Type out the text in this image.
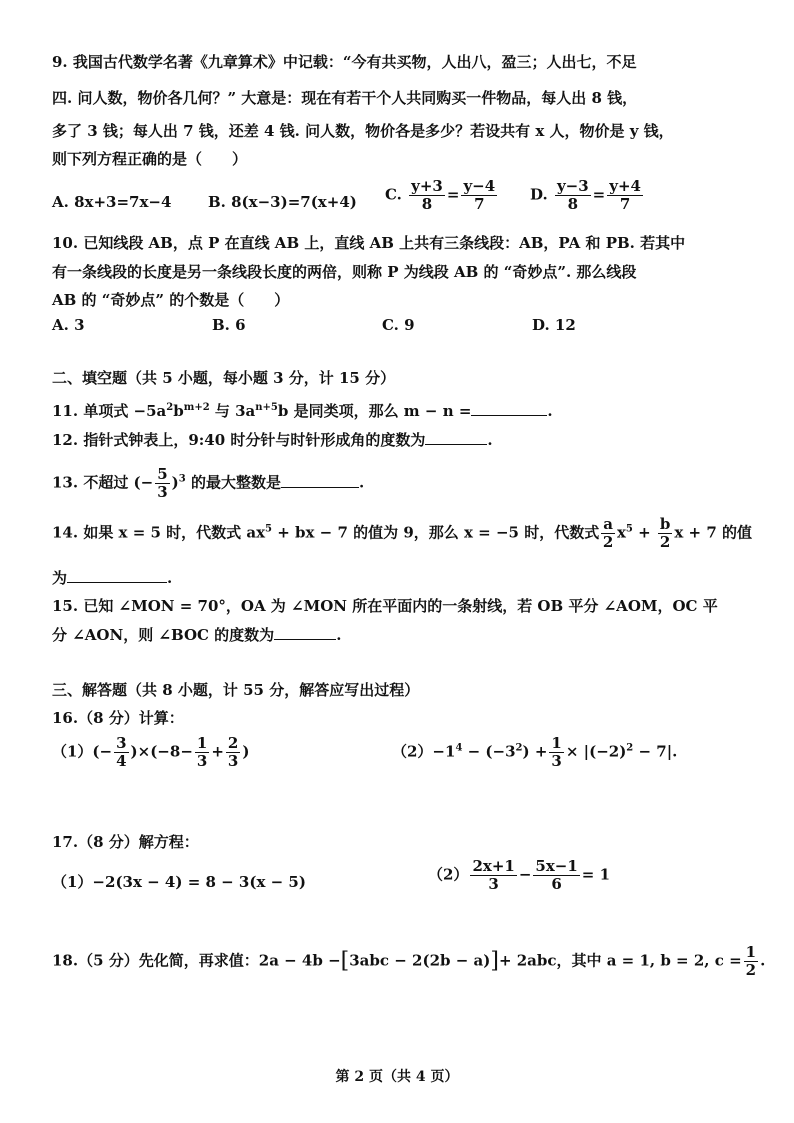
9. 我国古代数学名著《九章算术》中记载：“今有共买物，人出八，盈三；人出七，不足
四. 问人数，物价各几何？” 大意是：现在有若干个人共同购买一件物品，每人出 8 钱，
多了 3 钱；每人出 7 钱，还差 4 钱. 问人数，物价各是多少？若设共有 x 人，物价是 y 钱，
则下列方程正确的是（　　）
A. 8x+3=7x−4 B. 8(x−3)=7(x+4) C. $\frac{y+3}{8} = \frac{y-4}{7} D$. $\frac{y-3}{8} = \frac{y+4}{7}$
10. 已知线段 AB，点 P 在直线 AB 上，直线 AB 上共有三条线段：AB，PA 和 PB. 若其中
有一条线段的长度是另一条线段长度的两倍，则称 P 为线段 AB 的 “奇妙点”. 那么线段
AB 的 “奇妙点” 的个数是（　　）
A. 3	B. 6	C. 9	D. 12
二、填空题（共 5 小题，每小题 3 分，计 15 分）
11. 单项式 $-5a^2b^{m+2}$ 与 $3a^{n+5}b$ 是同类项，那么 m − n =	.
12. 指针式钟表上，9:40 时分针与时针形成角的度数为	.
13. 不超过 (− $\frac{5}{3} )^3$ 的最大整数是	.
14. 如果 x = 5 时，代数式 $ax^5$ + bx − 7 的值为 9，那么 x = −5 时，代数式 $\frac{a}{2} x^5 + \frac{b}{2}$ x + 7 的值
为	.
15. 已知 ∠MON = 70°，OA 为 ∠MON 所在平面内的一条射线，若 OB 平分 ∠AOM，OC 平
分 ∠AON，则 ∠BOC 的度数为	.
三、解答题（共 8 小题，计 55 分，解答应写出过程）
16.（8 分）计算：
$(1)(- \frac{3}{4} )\times(-8- \frac{1}{3} + \frac{2}{3}$ )	$(2)-1^4 - (-3^2) + \frac{1}{3} \times |(-2)^2 - 7|$.
17.（8 分）解方程：
（1）−2(3x − 4) = 8 − 3(x − 5)	$(2) \frac{2x+1}{3} - \frac{5x-1}{6} = 1$
18.（5 分）先化简，再求值：2a − 4b −[3abc − 2(2b − a)]+ 2abc，其中 a = 1, b = 2, $c = \frac{1}{2}$ .
第 2 页（共 4 页）
